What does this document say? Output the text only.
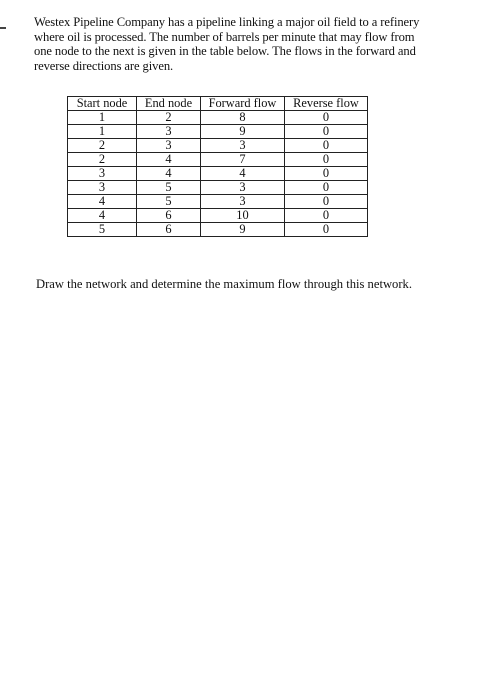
Westex Pipeline Company has a pipeline linking a major oil field to a refinery
where oil is processed. The number of barrels per minute that may flow from
one node to the next is given in the table below. The flows in the forward and
reverse directions are given.
Start node	End node	Forward flow	Reverse flow
1	2	8	0
1	3	9	0
2	3	3	0
2	4	7	0
3	4	4	0
3	5	3	0
4	5	3	0
4	6	10	0
5	6	9	0
Draw the network and determine the maximum flow through this network.
